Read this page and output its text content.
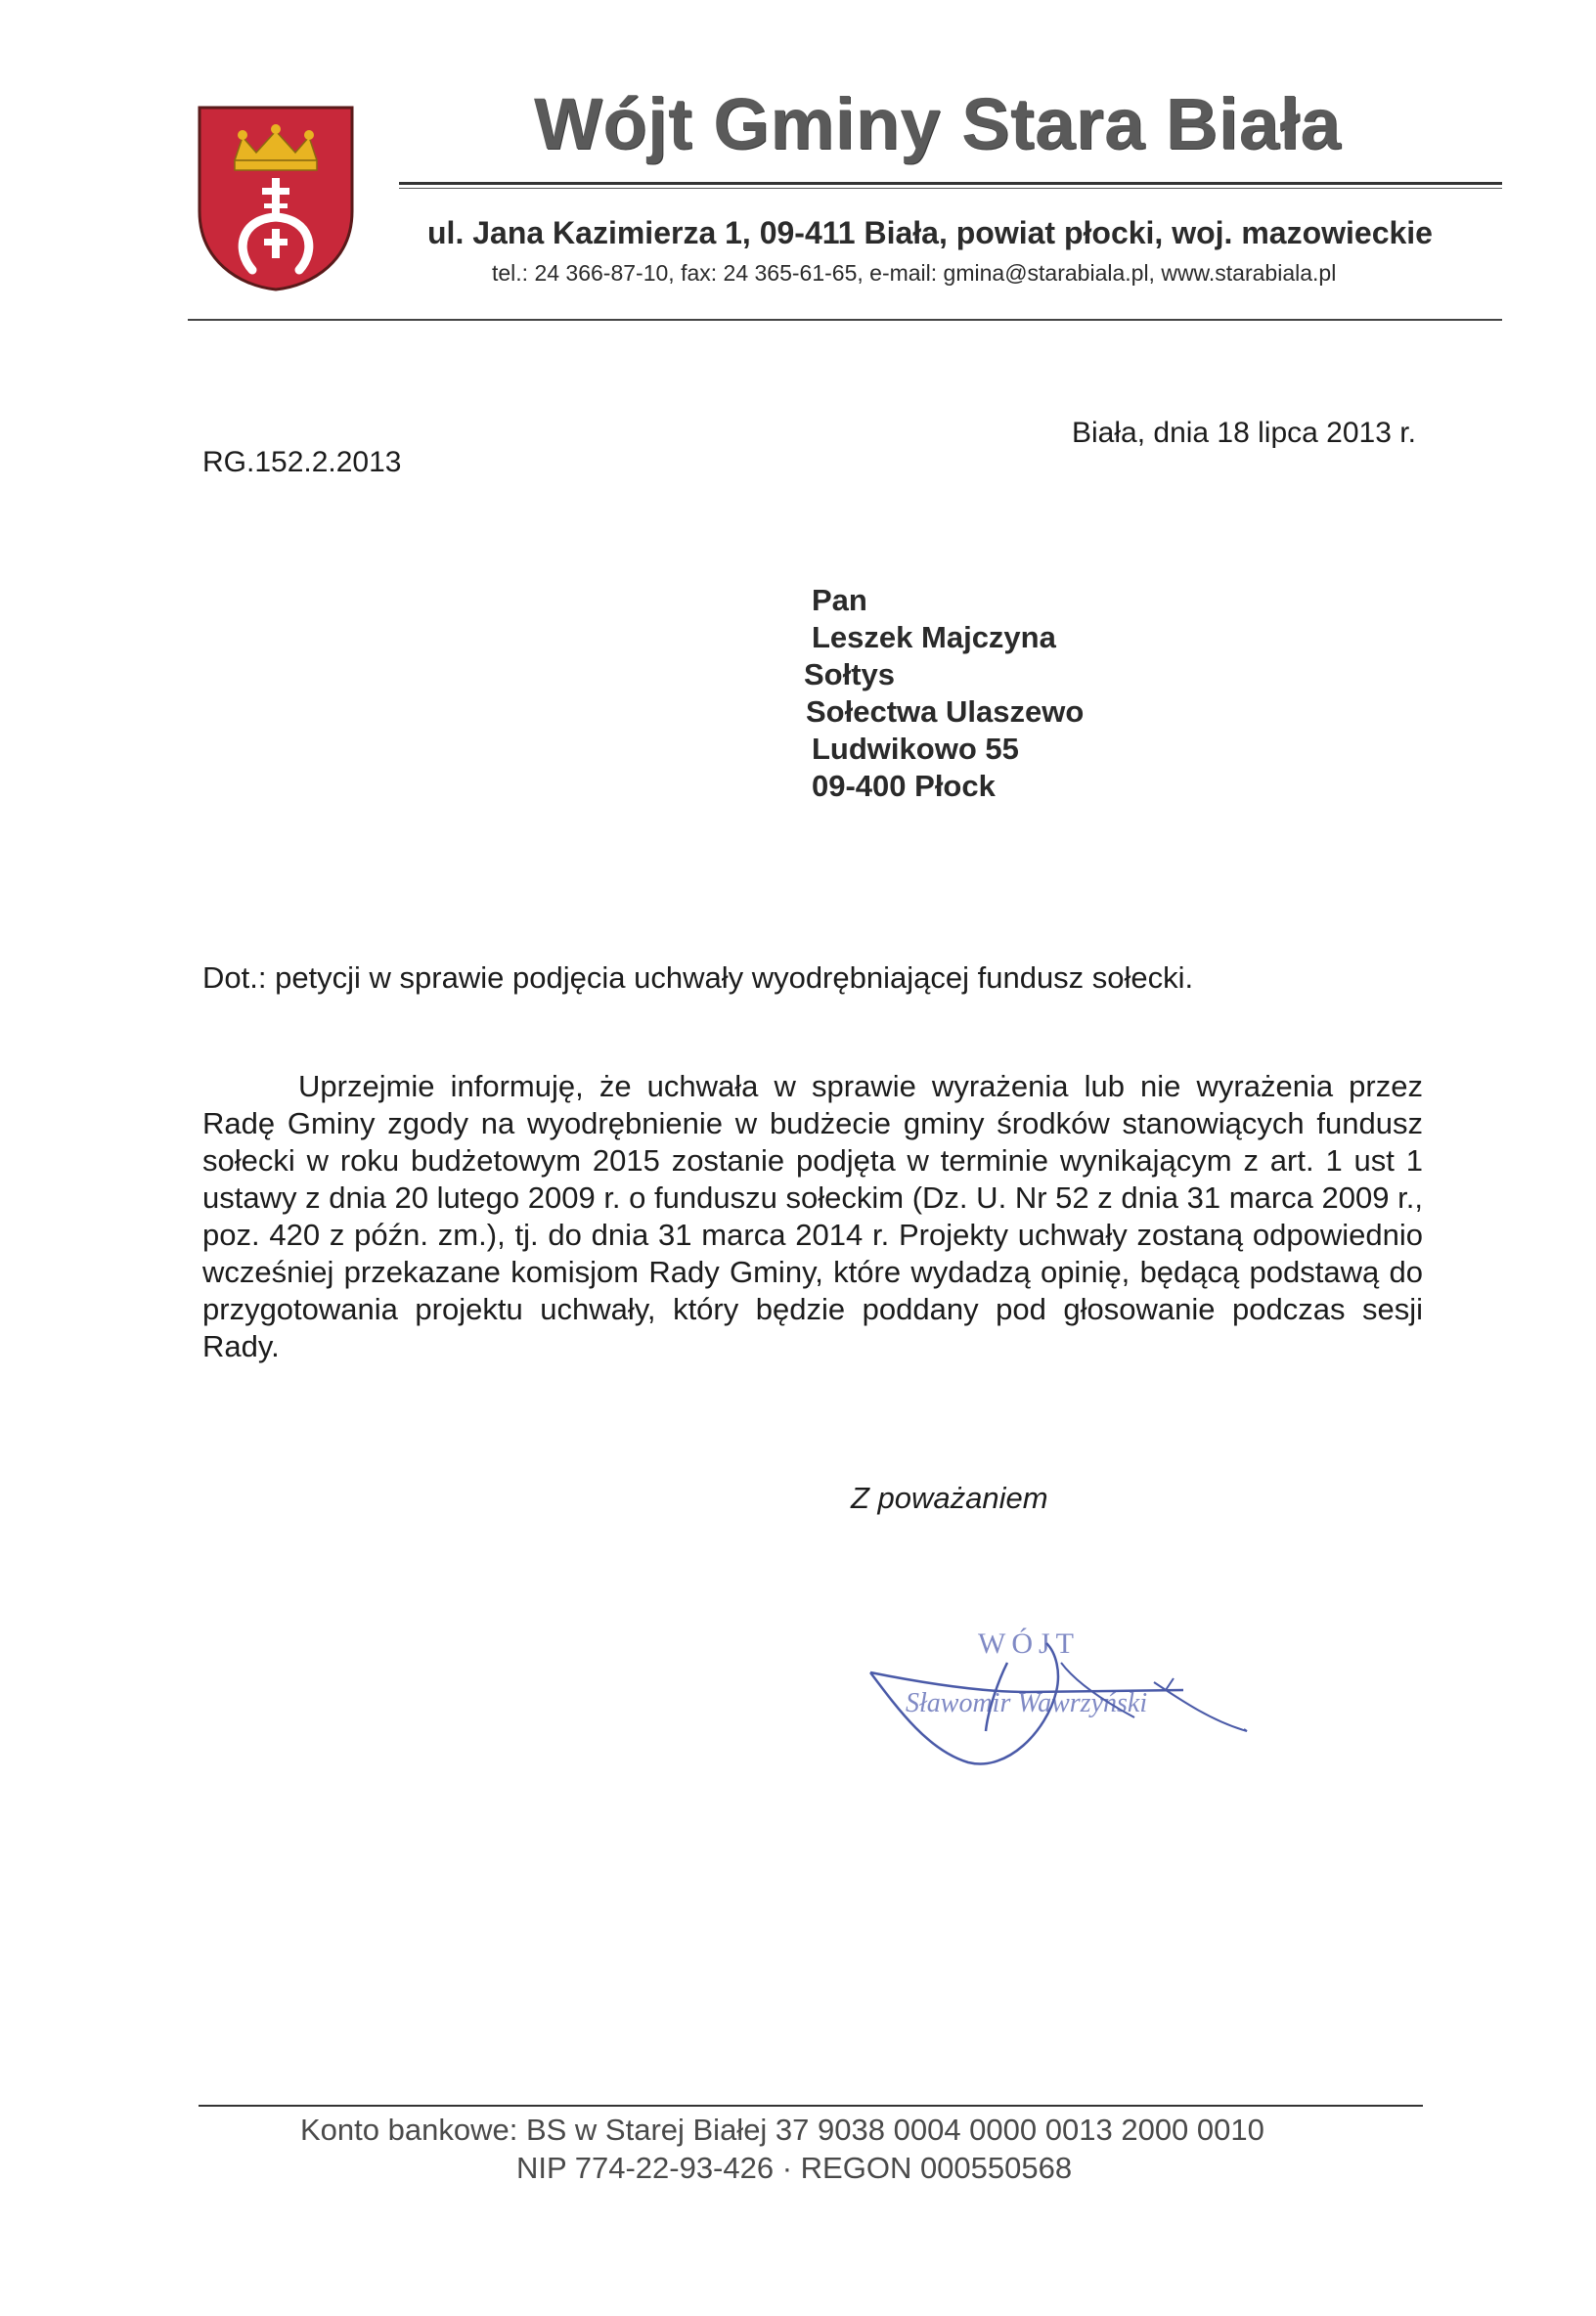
Wójt Gminy Stara Biała
ul. Jana Kazimierza 1, 09-411 Biała, powiat płocki, woj. mazowieckie
tel.: 24 366-87-10, fax: 24 365-61-65, e-mail: gmina@starabiala.pl, www.starabiala.pl
RG.152.2.2013
Biała, dnia 18 lipca 2013 r.
Pan
Leszek Majczyna
Sołtys
Sołectwa Ulaszewo
Ludwikowo 55
09-400 Płock
Dot.: petycji w sprawie podjęcia uchwały wyodrębniającej fundusz sołecki.
Uprzejmie informuję, że uchwała w sprawie wyrażenia lub nie wyrażenia przez Radę Gminy zgody na wyodrębnienie w budżecie gminy środków stanowiących fundusz sołecki w roku budżetowym 2015 zostanie podjęta w terminie wynikającym z art. 1 ust 1 ustawy z dnia 20 lutego 2009 r. o funduszu sołeckim (Dz. U. Nr 52 z dnia 31 marca 2009 r., poz. 420 z późn. zm.), tj. do dnia 31 marca 2014 r. Projekty uchwały zostaną odpowiednio wcześniej przekazane komisjom Rady Gminy, które wydadzą opinię, będącą podstawą do przygotowania projektu uchwały, który będzie poddany pod głosowanie podczas sesji Rady.
Z poważaniem
WÓJT
Sławomir Wawrzyński
Konto bankowe: BS w Starej Białej 37 9038 0004 0000 0013 2000 0010
NIP 774-22-93-426 · REGON 000550568
